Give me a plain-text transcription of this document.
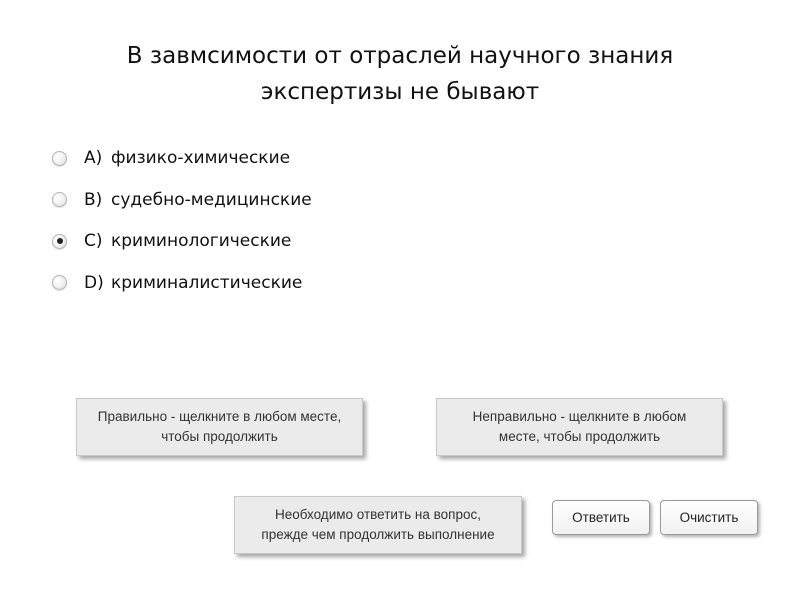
В завмсимости от отраслей научного знания
экспертизы не бывают
A) физико-химические
B) судебно-медицинские
C) криминологические
D) криминалистические
Правильно - щелкните в любом месте,
чтобы продолжить
Неправильно - щелкните в любом
месте, чтобы продолжить
Необходимо ответить на вопрос,
прежде чем продолжить выполнение
Ответить	Очистить
